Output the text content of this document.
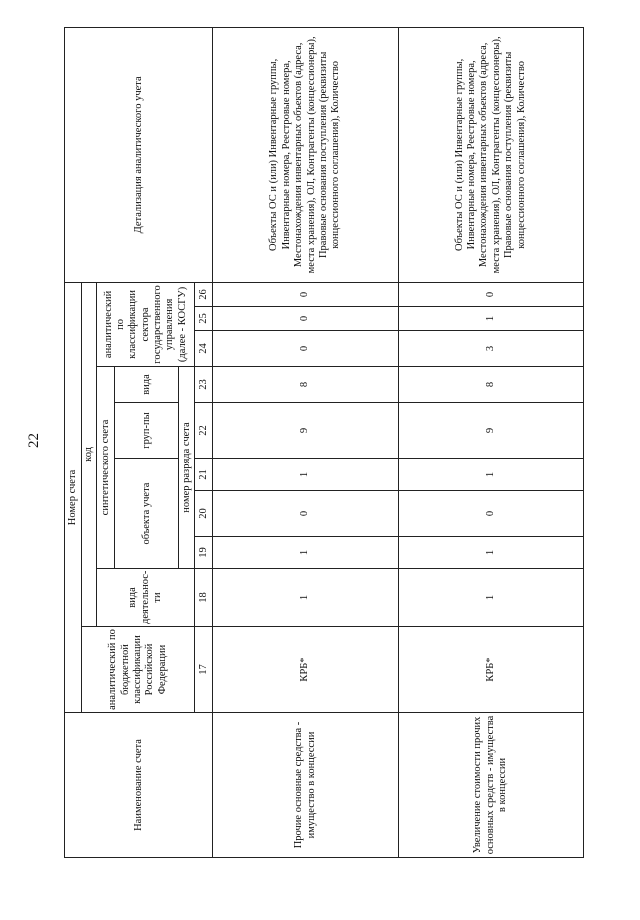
22
Наименование счета	Номер счета										Детализация аналитического учета
	аналитический по бюджетной классификации Российской Федерации	код									
		вида деятельнос-ти	синтетического счета					аналитический по классификации сектора государственного управления (далее - КОСГУ)			
			объекта учета			груп-пы	вида				
			номер разряда счета								
	17	18	19	20	21	22	23	24	25	26	
Прочие основные средства - имущество в концессии	КРБ*	1	1	0	1	9	8	0	0	0	Объекты ОС и (или) Инвентарные группы, Инвентарные номера, Реестровые номера, Местонахождения инвентарных объектов (адреса, места хранения), ОЛ, Контрагенты (концессионеры), Правовые основания поступления (реквизиты концессионного соглашения), Количество
Увеличение стоимости прочих основных средств - имущества в концессии	КРБ*	1	1	0	1	9	8	3	1	0	Объекты ОС и (или) Инвентарные группы, Инвентарные номера, Реестровые номера, Местонахождения инвентарных объектов (адреса, места хранения), ОЛ, Контрагенты (концессионеры), Правовые основания поступления (реквизиты концессионного соглашения), Количество
